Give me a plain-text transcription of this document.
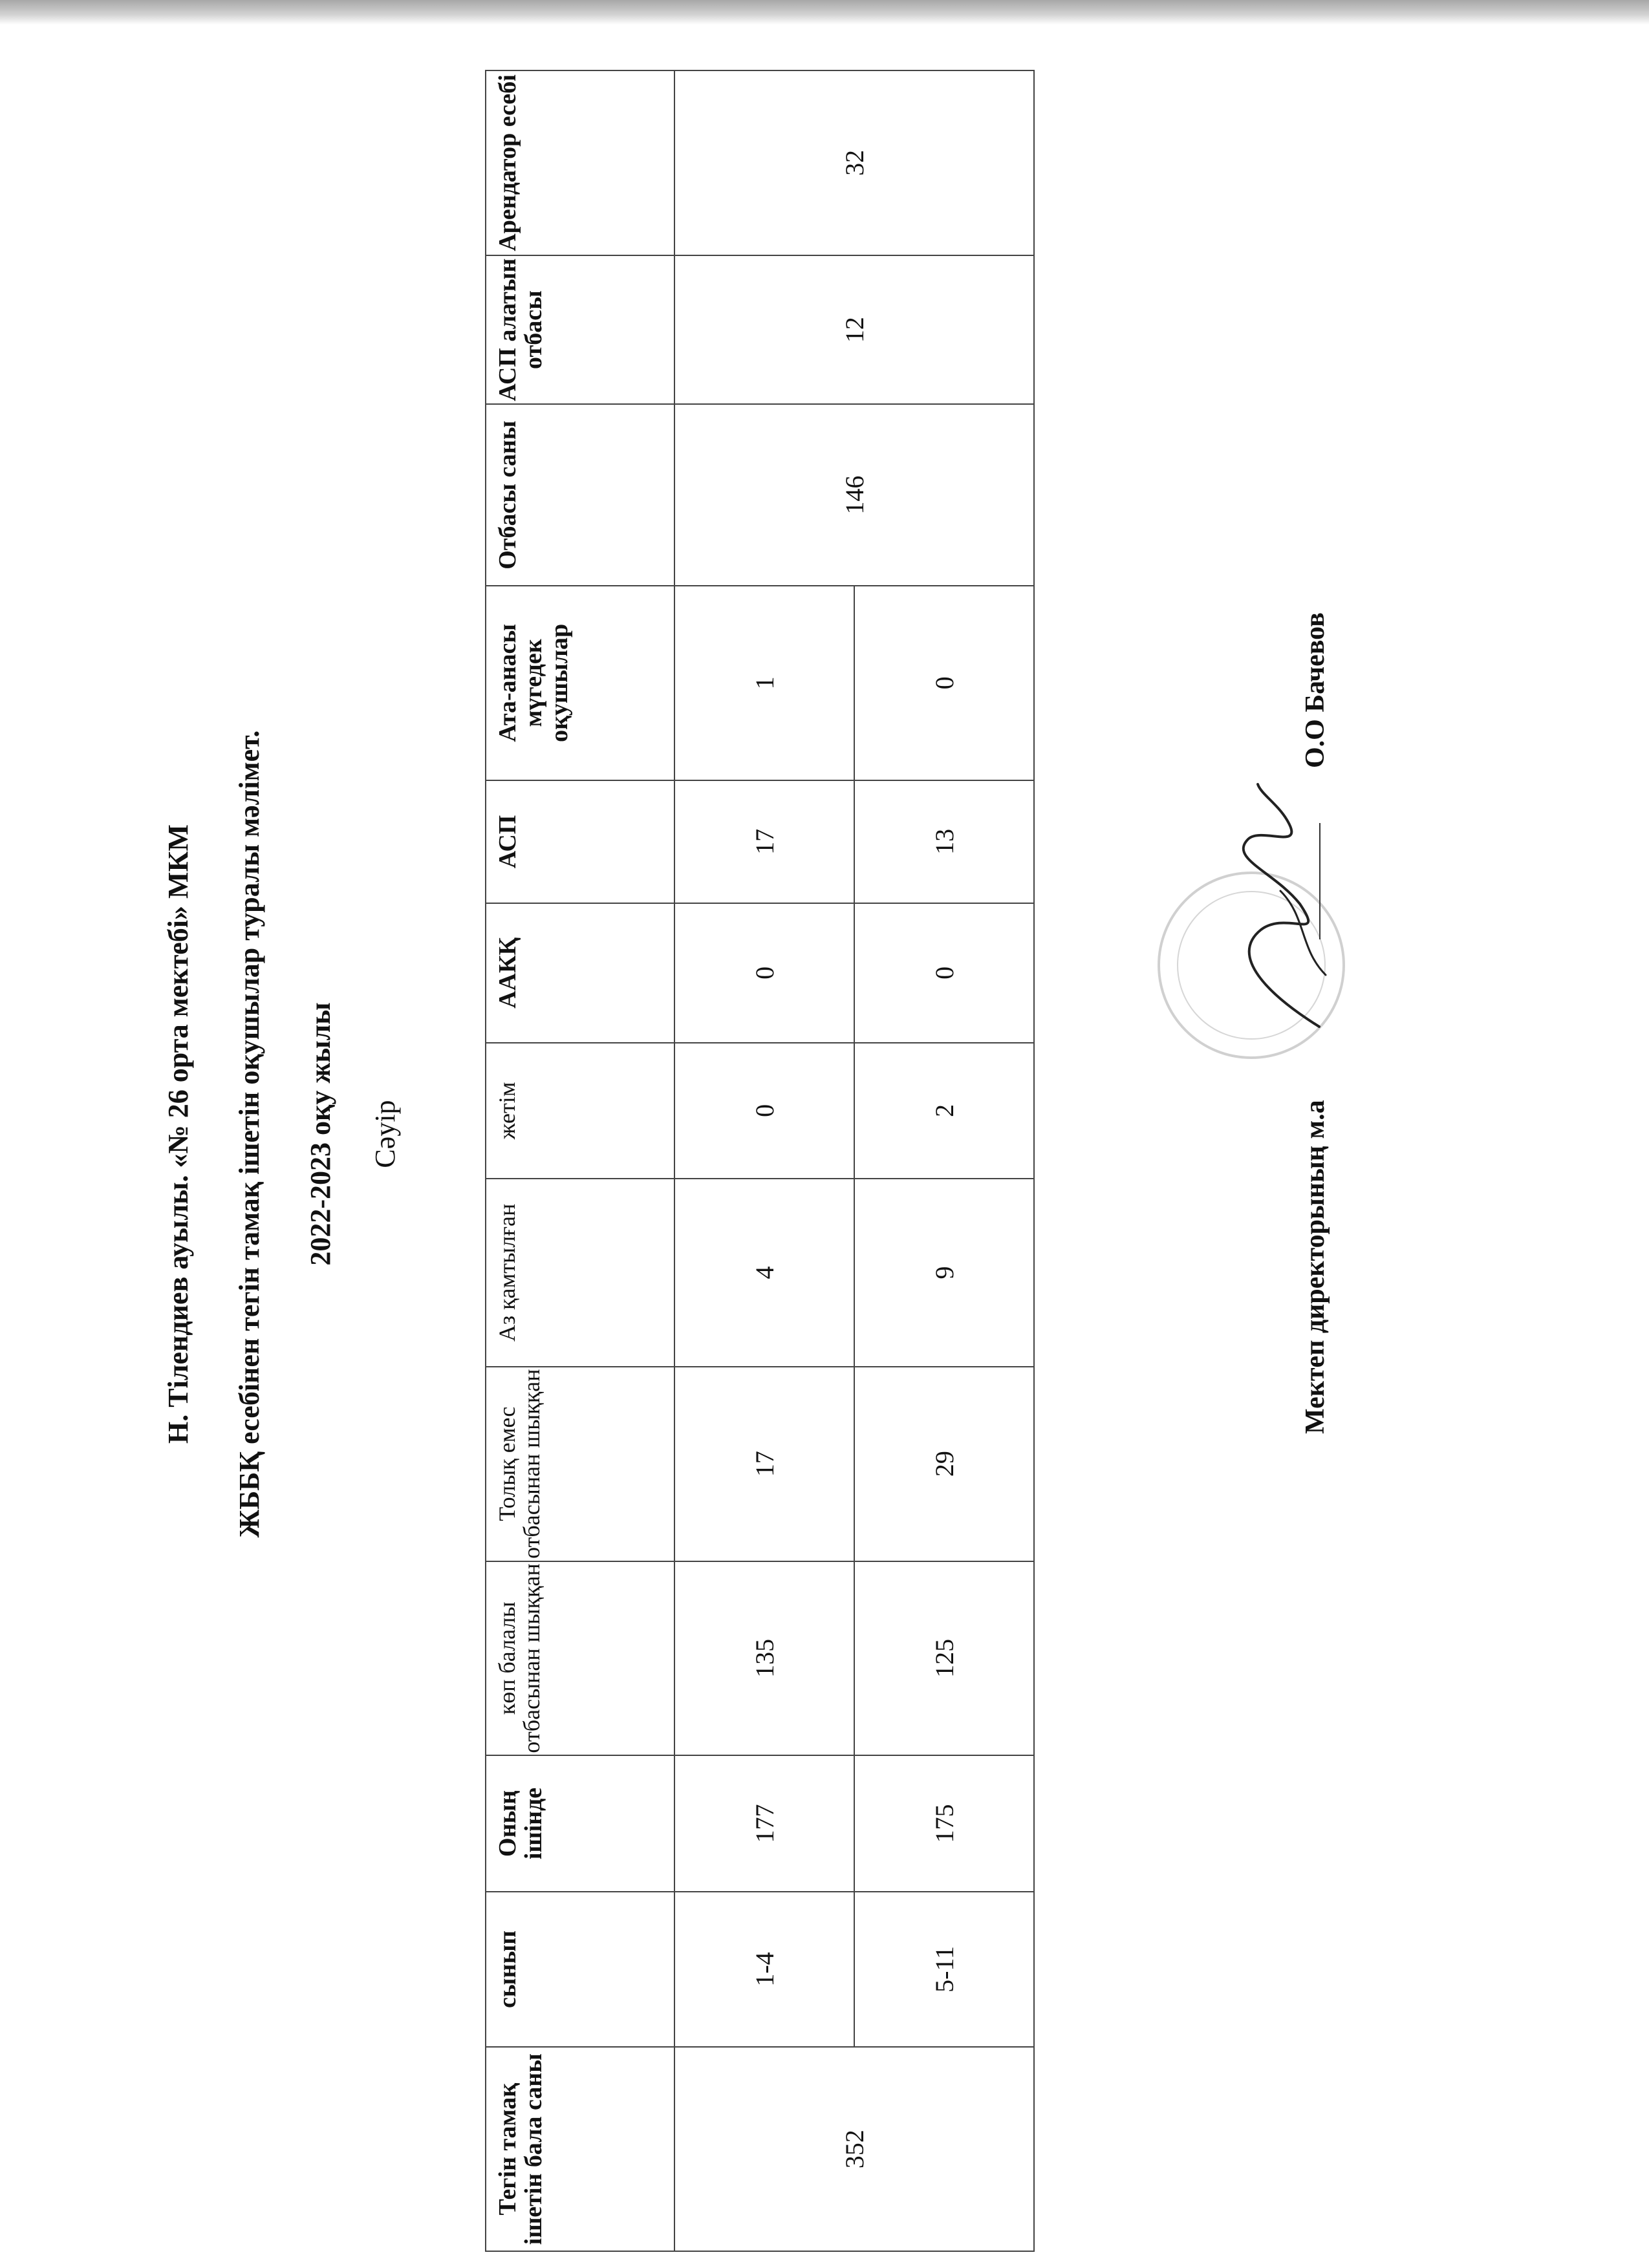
Н. Тілендиев ауылы. «№ 26 орта мектебі» МКМ ЖББҚ есебінен тегін тамақ ішетін оқушылар туралы мәлімет. 2022-2023 оқу жылы Сәуір
Тегін тамақ ішетін бала саны	сынып	Оның ішінде	көп балалы отбасынан шыққан	Толық емес отбасынан шыққан	Аз қамтылған	жетім	ААКҚ	АСП	Ата-анасы мүгедек оқушылар	Отбасы саны	АСП алатын отбасы	Арендатор есебі
352	1-4	177	135	17	4	0	0	17	1	146	12	32
	5-11	175	125	29	9	2	0	13	0			
Мектеп директорының м.а
О.О Бачевов
